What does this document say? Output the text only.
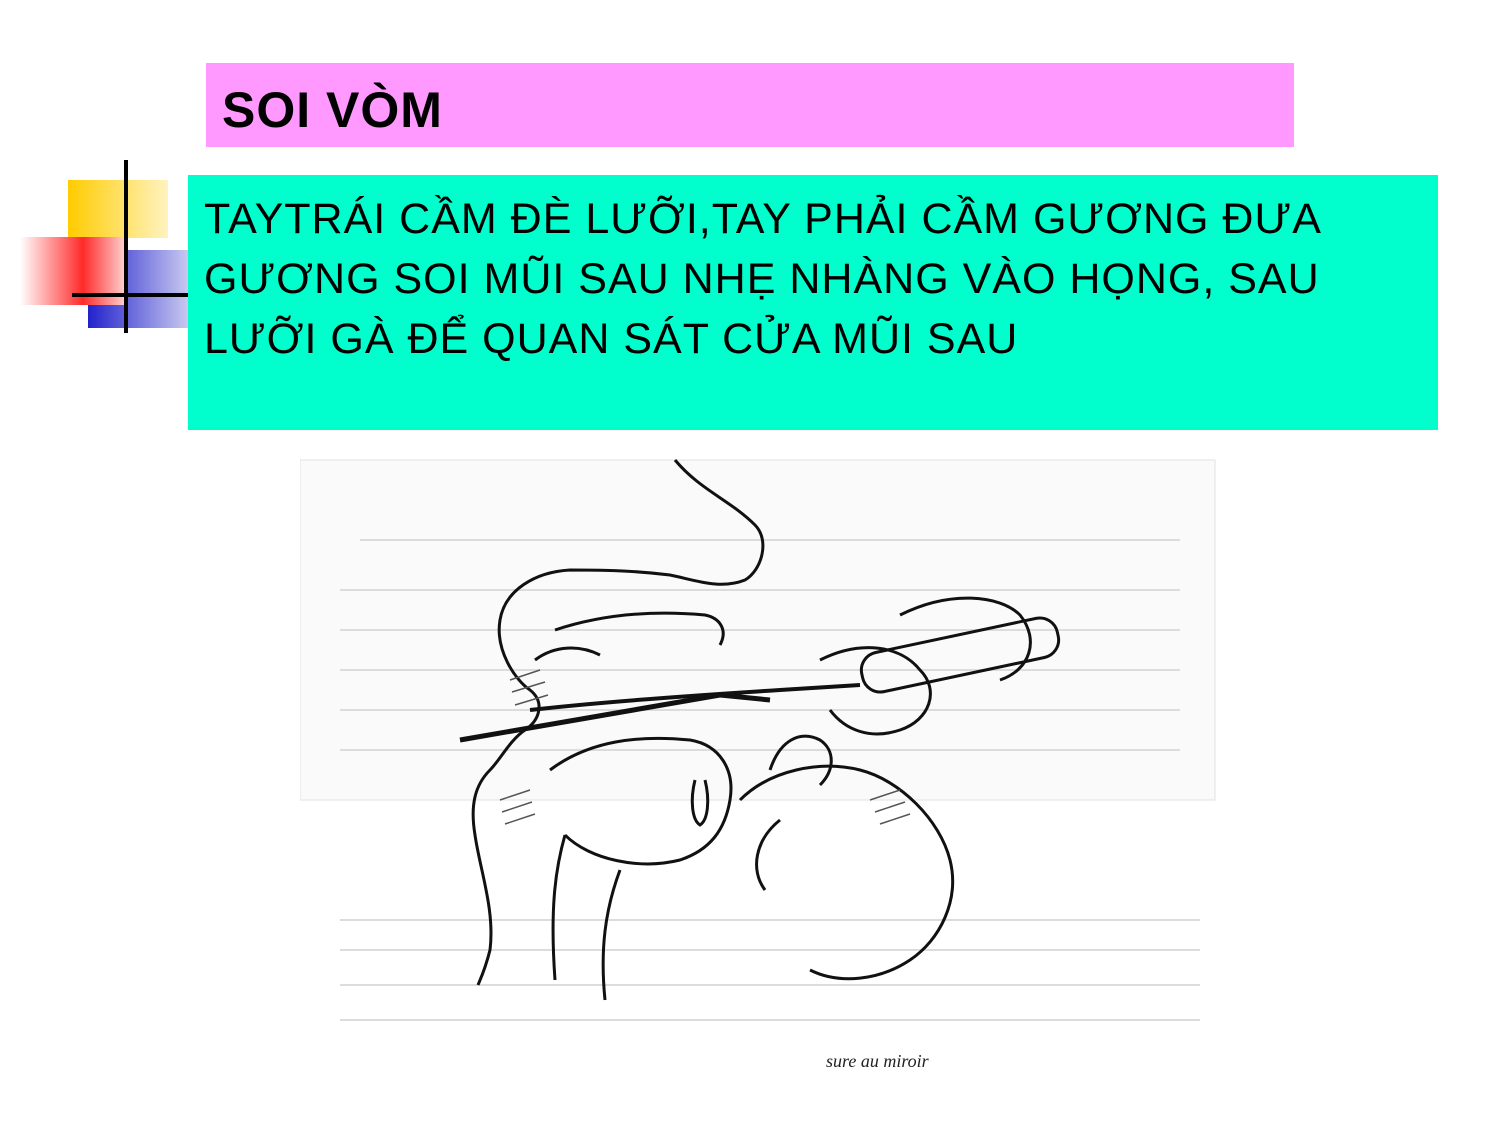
SOI VÒM
TAYTRÁI CẦM ĐÈ LƯỠI,TAY PHẢI CẦM GƯƠNG ĐƯA GƯƠNG SOI MŨI SAU NHẸ NHÀNG VÀO HỌNG, SAU LƯỠI GÀ ĐỂ QUAN SÁT CỬA MŨI SAU
sure au miroir
